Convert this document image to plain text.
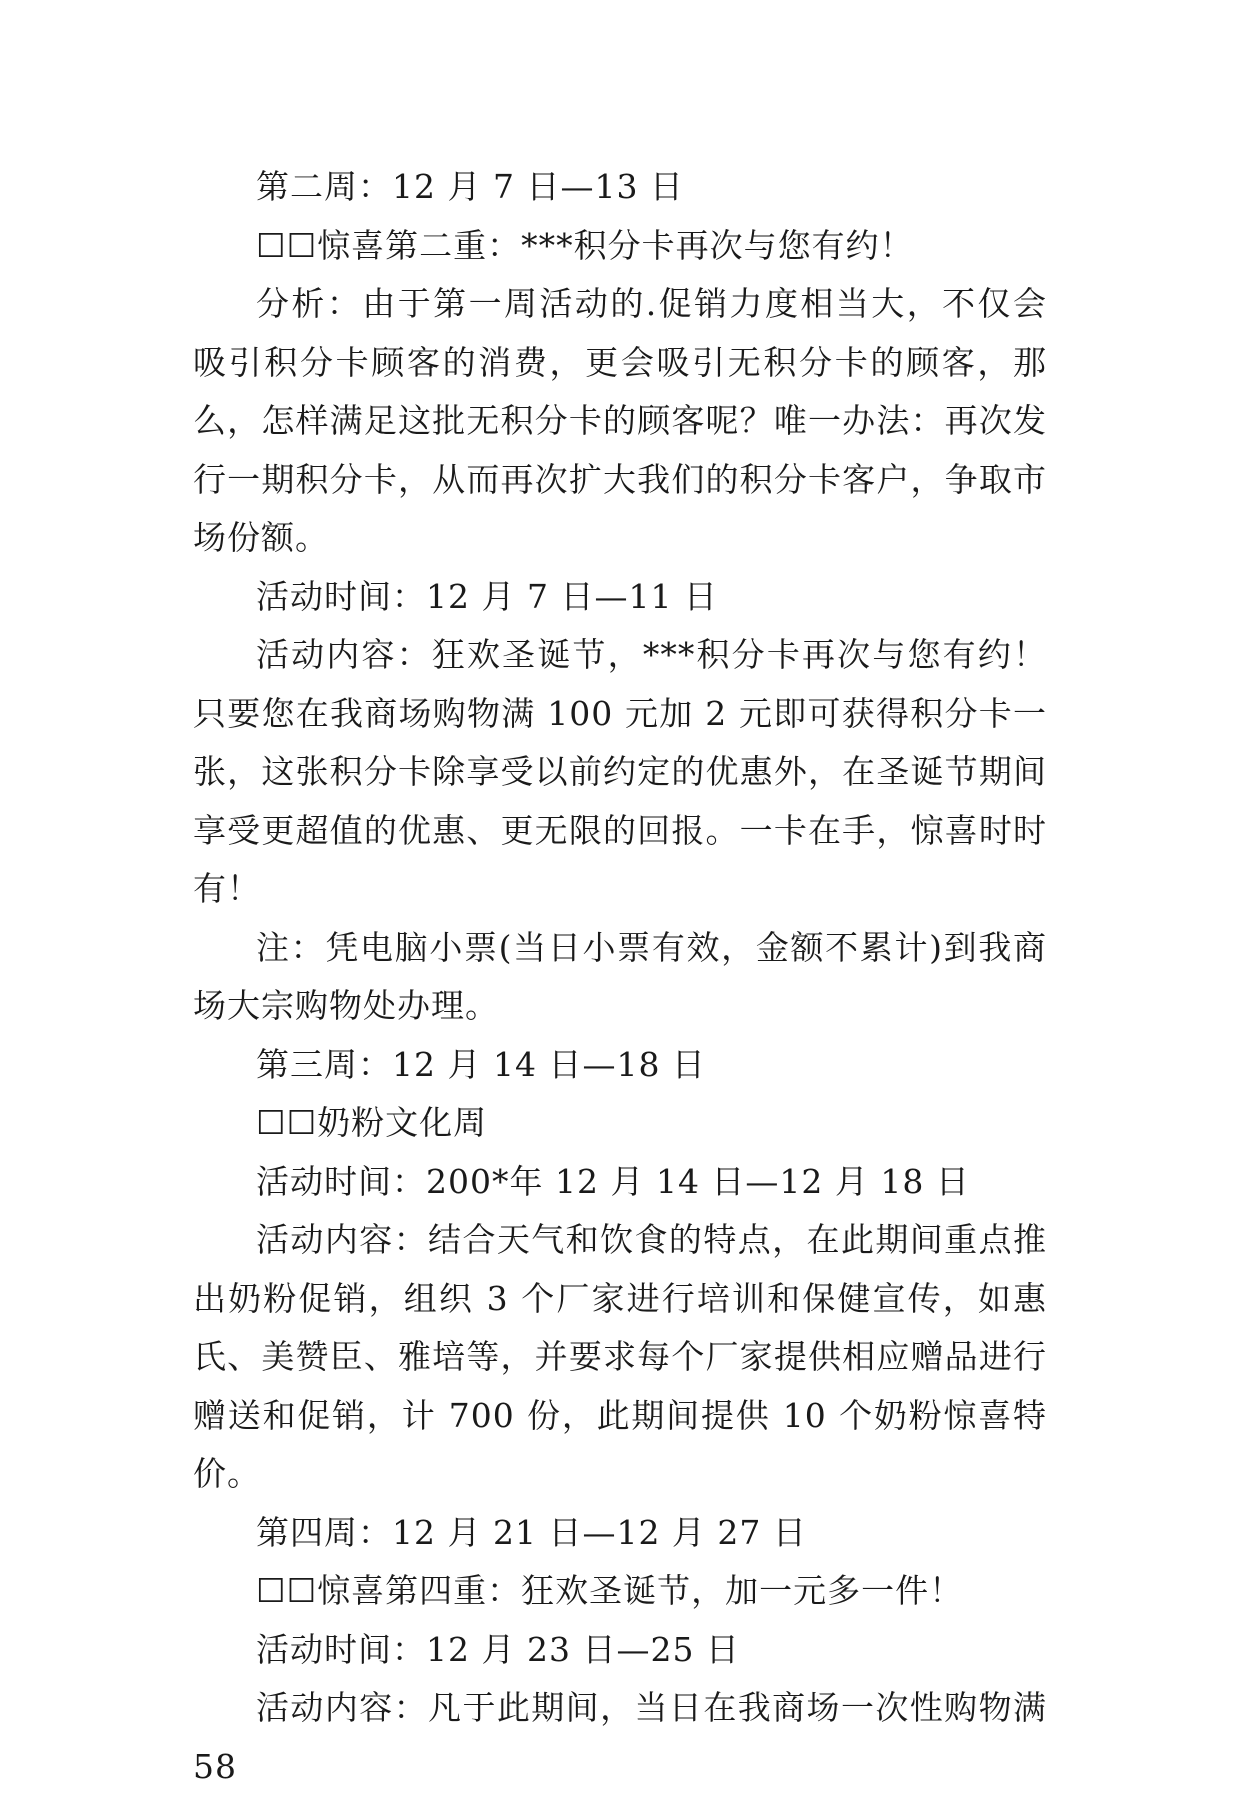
第二周：12 月 7 日—13 日

☐☐惊喜第二重：***积分卡再次与您有约！

分析：由于第一周活动的.促销力度相当大，不仅会吸引积分卡顾客的消费，更会吸引无积分卡的顾客，那么，怎样满足这批无积分卡的顾客呢？唯一办法：再次发行一期积分卡，从而再次扩大我们的积分卡客户，争取市场份额。

活动时间：12 月 7 日—11 日

活动内容：狂欢圣诞节，***积分卡再次与您有约！只要您在我商场购物满 100 元加 2 元即可获得积分卡一张，这张积分卡除享受以前约定的优惠外，在圣诞节期间享受更超值的优惠、更无限的回报。一卡在手，惊喜时时有！

注：凭电脑小票(当日小票有效，金额不累计)到我商场大宗购物处办理。

第三周：12 月 14 日—18 日

☐☐奶粉文化周

活动时间：200*年 12 月 14 日—12 月 18 日

活动内容：结合天气和饮食的特点，在此期间重点推出奶粉促销，组织 3 个厂家进行培训和保健宣传，如惠氏、美赞臣、雅培等，并要求每个厂家提供相应赠品进行赠送和促销，计 700 份，此期间提供 10 个奶粉惊喜特价。

第四周：12 月 21 日—12 月 27 日

☐☐惊喜第四重：狂欢圣诞节，加一元多一件！

活动时间：12 月 23 日—25 日

活动内容：凡于此期间，当日在我商场一次性购物满 58
